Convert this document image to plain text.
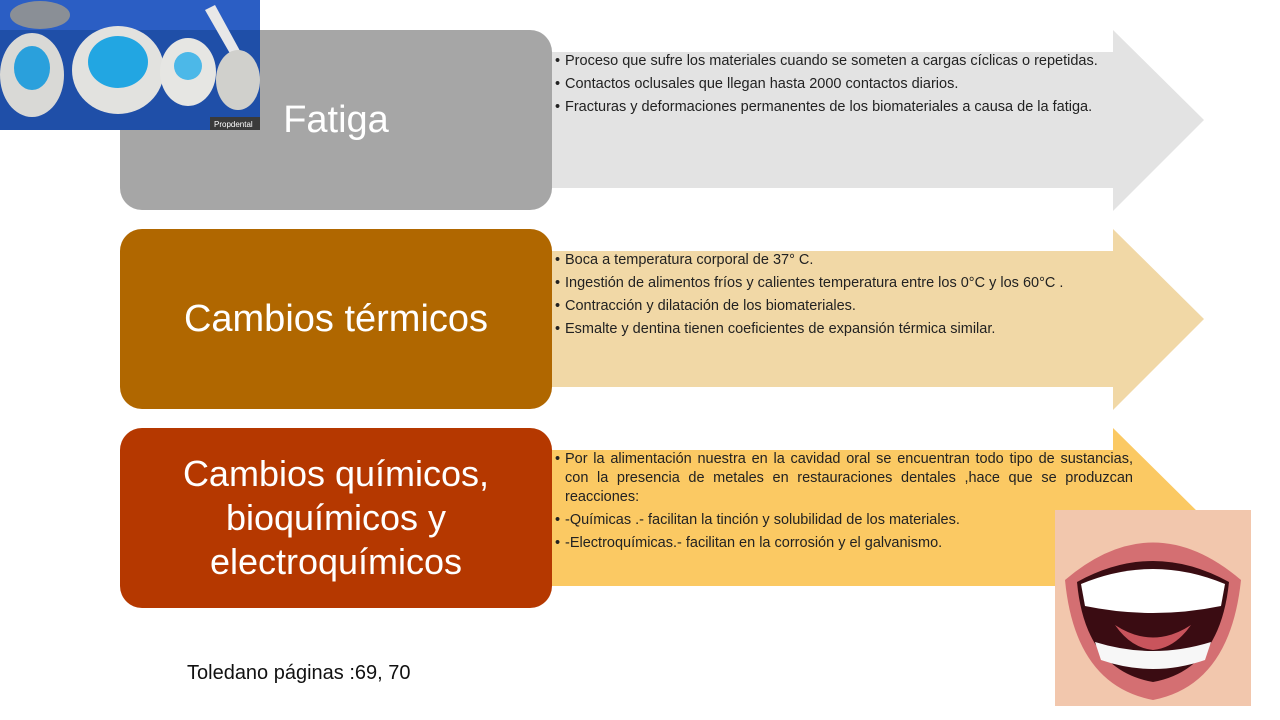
• Proceso que sufre los materiales cuando se someten a cargas cíclicas o repetidas.
• Contactos oclusales que llegan hasta 2000 contactos diarios.
• Fracturas y deformaciones permanentes de los biomateriales a causa de la fatiga.
• Boca a temperatura corporal de 37° C.
• Ingestión de alimentos fríos y calientes temperatura entre los 0°C y los 60°C .
• Contracción y dilatación de los biomateriales.
• Esmalte y dentina tienen coeficientes de expansión térmica similar.
• Por la alimentación nuestra en la cavidad oral se encuentran todo tipo de sustancias, con la presencia de metales en restauraciones dentales ,hace que se produzcan reacciones:
• -Químicas .- facilitan la tinción y solubilidad de los materiales.
• -Electroquímicas.- facilitan en la corrosión y el galvanismo.
Fatiga
Cambios térmicos
Cambios químicos, bioquímicos y electroquímicos
Propdental
Toledano páginas :69, 70
